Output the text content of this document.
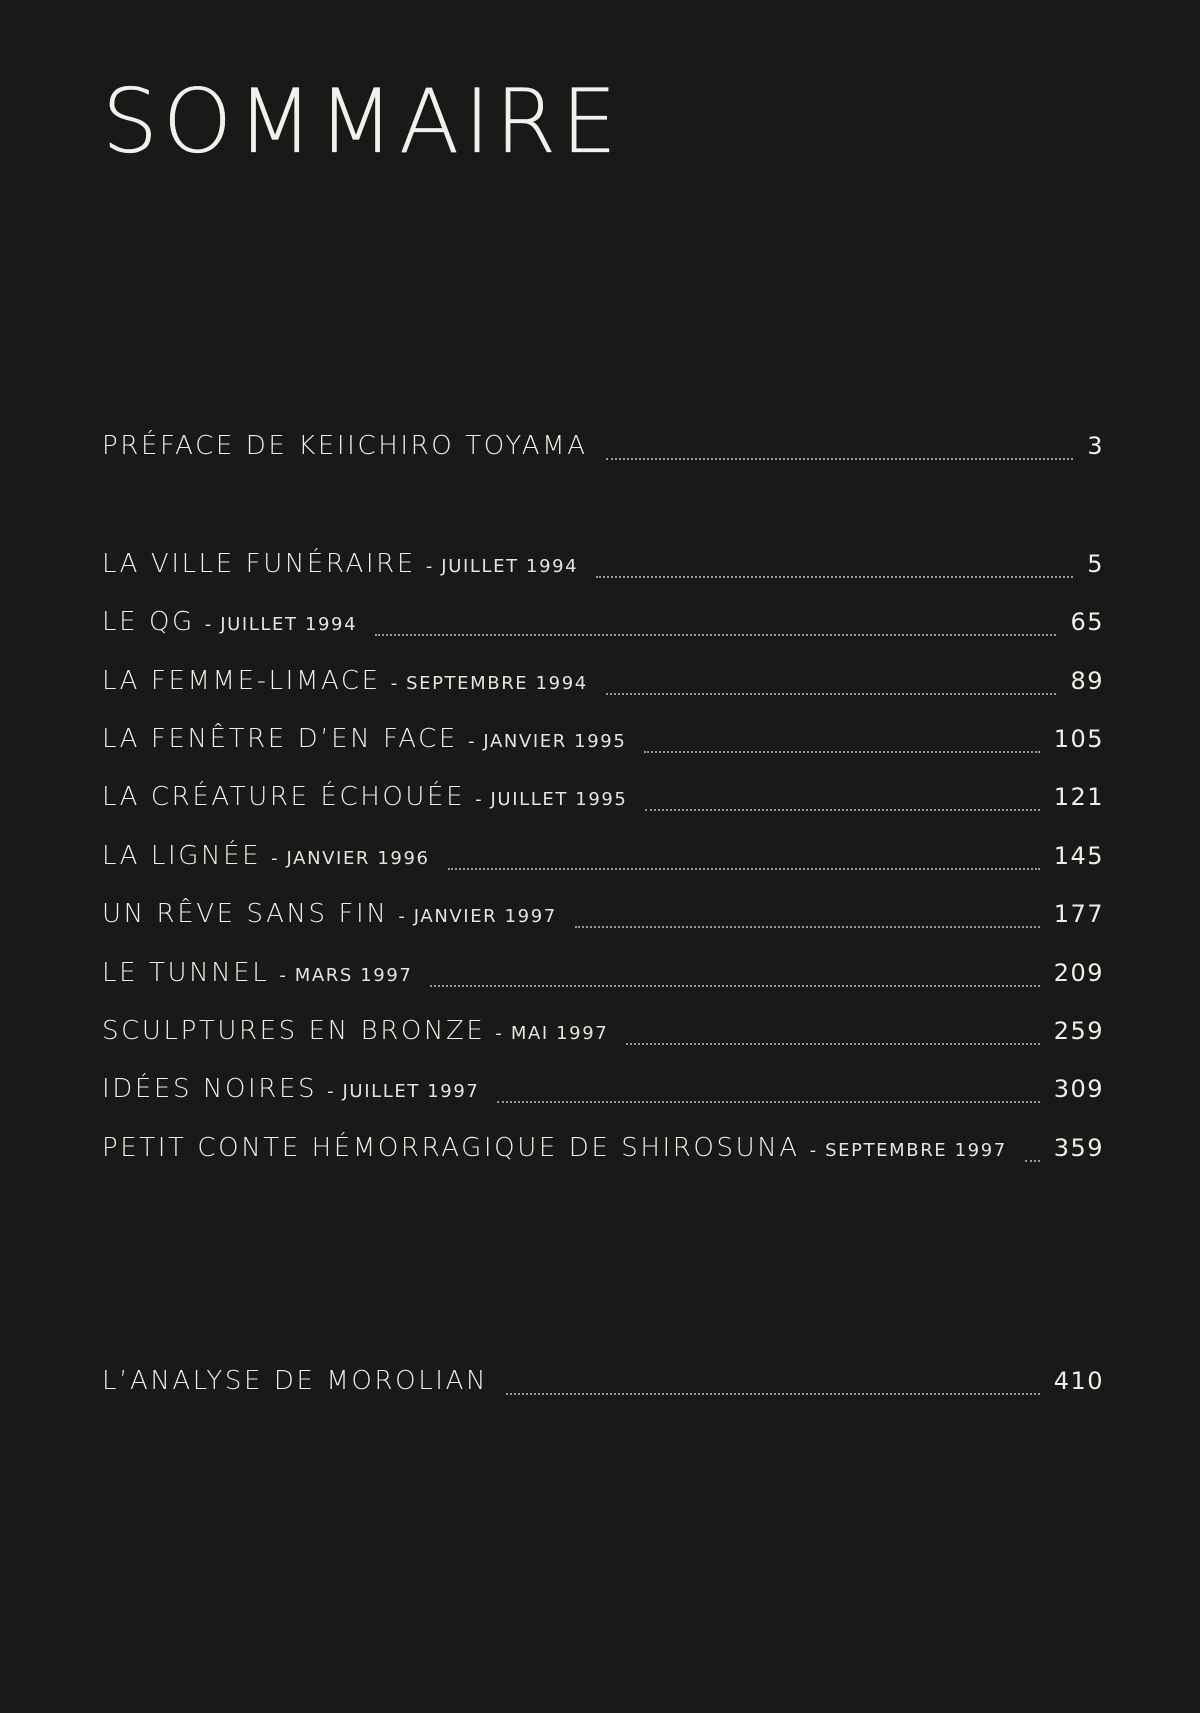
SOMMAIRE
PRÉFACE DE KEIICHIRO TOYAMA	3
LA VILLE FUNÉRAIRE - JUILLET 1994	5
LE QG - JUILLET 1994	65
LA FEMME-LIMACE - SEPTEMBRE 1994	89
LA FENÊTRE D’EN FACE - JANVIER 1995	105
LA CRÉATURE ÉCHOUÉE - JUILLET 1995	121
LA LIGNÉE - JANVIER 1996	145
UN RÊVE SANS FIN - JANVIER 1997	177
LE TUNNEL - MARS 1997	209
SCULPTURES EN BRONZE - MAI 1997	259
IDÉES NOIRES - JUILLET 1997	309
PETIT CONTE HÉMORRAGIQUE DE SHIROSUNA - SEPTEMBRE 1997 359
L’ANALYSE DE MOROLIAN	410
